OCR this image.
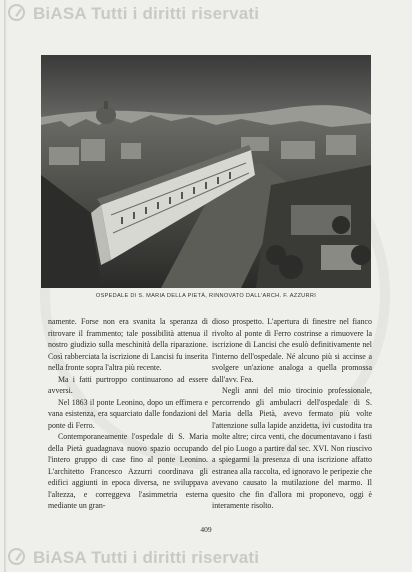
BiASA Tutti i diritti riservati
OSPEDALE DI S. MARIA DELLA PIETÀ, RINNOVATO DALL'ARCH. F. AZZURRI

namente. Forse non era svanita la speranza di ritrovare il frammento; tale possibilità attenua il nostro giudizio sulla meschinità della riparazione. Così rabberciata la iscrizione di Lancisi fu inserita nella fronte sopra l'altra più recente.

Ma i fatti purtroppo continuarono ad essere avversi.

Nel 1863 il ponte Leonino, dopo un effimera e vana esistenza, era squarciato dalle fondazioni del ponte di Ferro.

Contemporaneamente l'ospedale di S. Maria della Pietà guadagnava nuovo spazio occupando l'intero gruppo di case fino al ponte Leonino. L'architetto Francesco Azzurri coordinava gli edifici aggiunti in epoca diversa, ne sviluppava l'altezza, e correggeva l'asimmetria esterna mediante un gran-

dioso prospetto. L'apertura di finestre nel fianco rivolto al ponte di Ferro costrinse a rimuovere la iscrizione di Lancisi che esulò definitivamente nel l'interno dell'ospedale. Né alcuno più si accinse a svolgere un'azione analoga a quella promossa dall'avv. Fea.

Negli anni del mio tirocinio professionale, percorrendo gli ambulacri dell'ospedale di S. Maria della Pietà, avevo fermato più volte l'attenzione sulla lapide anzidetta, ivi custodita tra molte altre; circa venti, che documentavano i fasti del pio Luogo a partire dal sec. XVI. Non riuscivo a spiegarmi la presenza di una iscrizione affatto estranea alla raccolta, ed ignoravo le peripezie che avevano causato la mutilazione del marmo. Il quesito che fin d'allora mi proponevo, oggi è interamente risolto.

409
BiASA Tutti i diritti riservati
